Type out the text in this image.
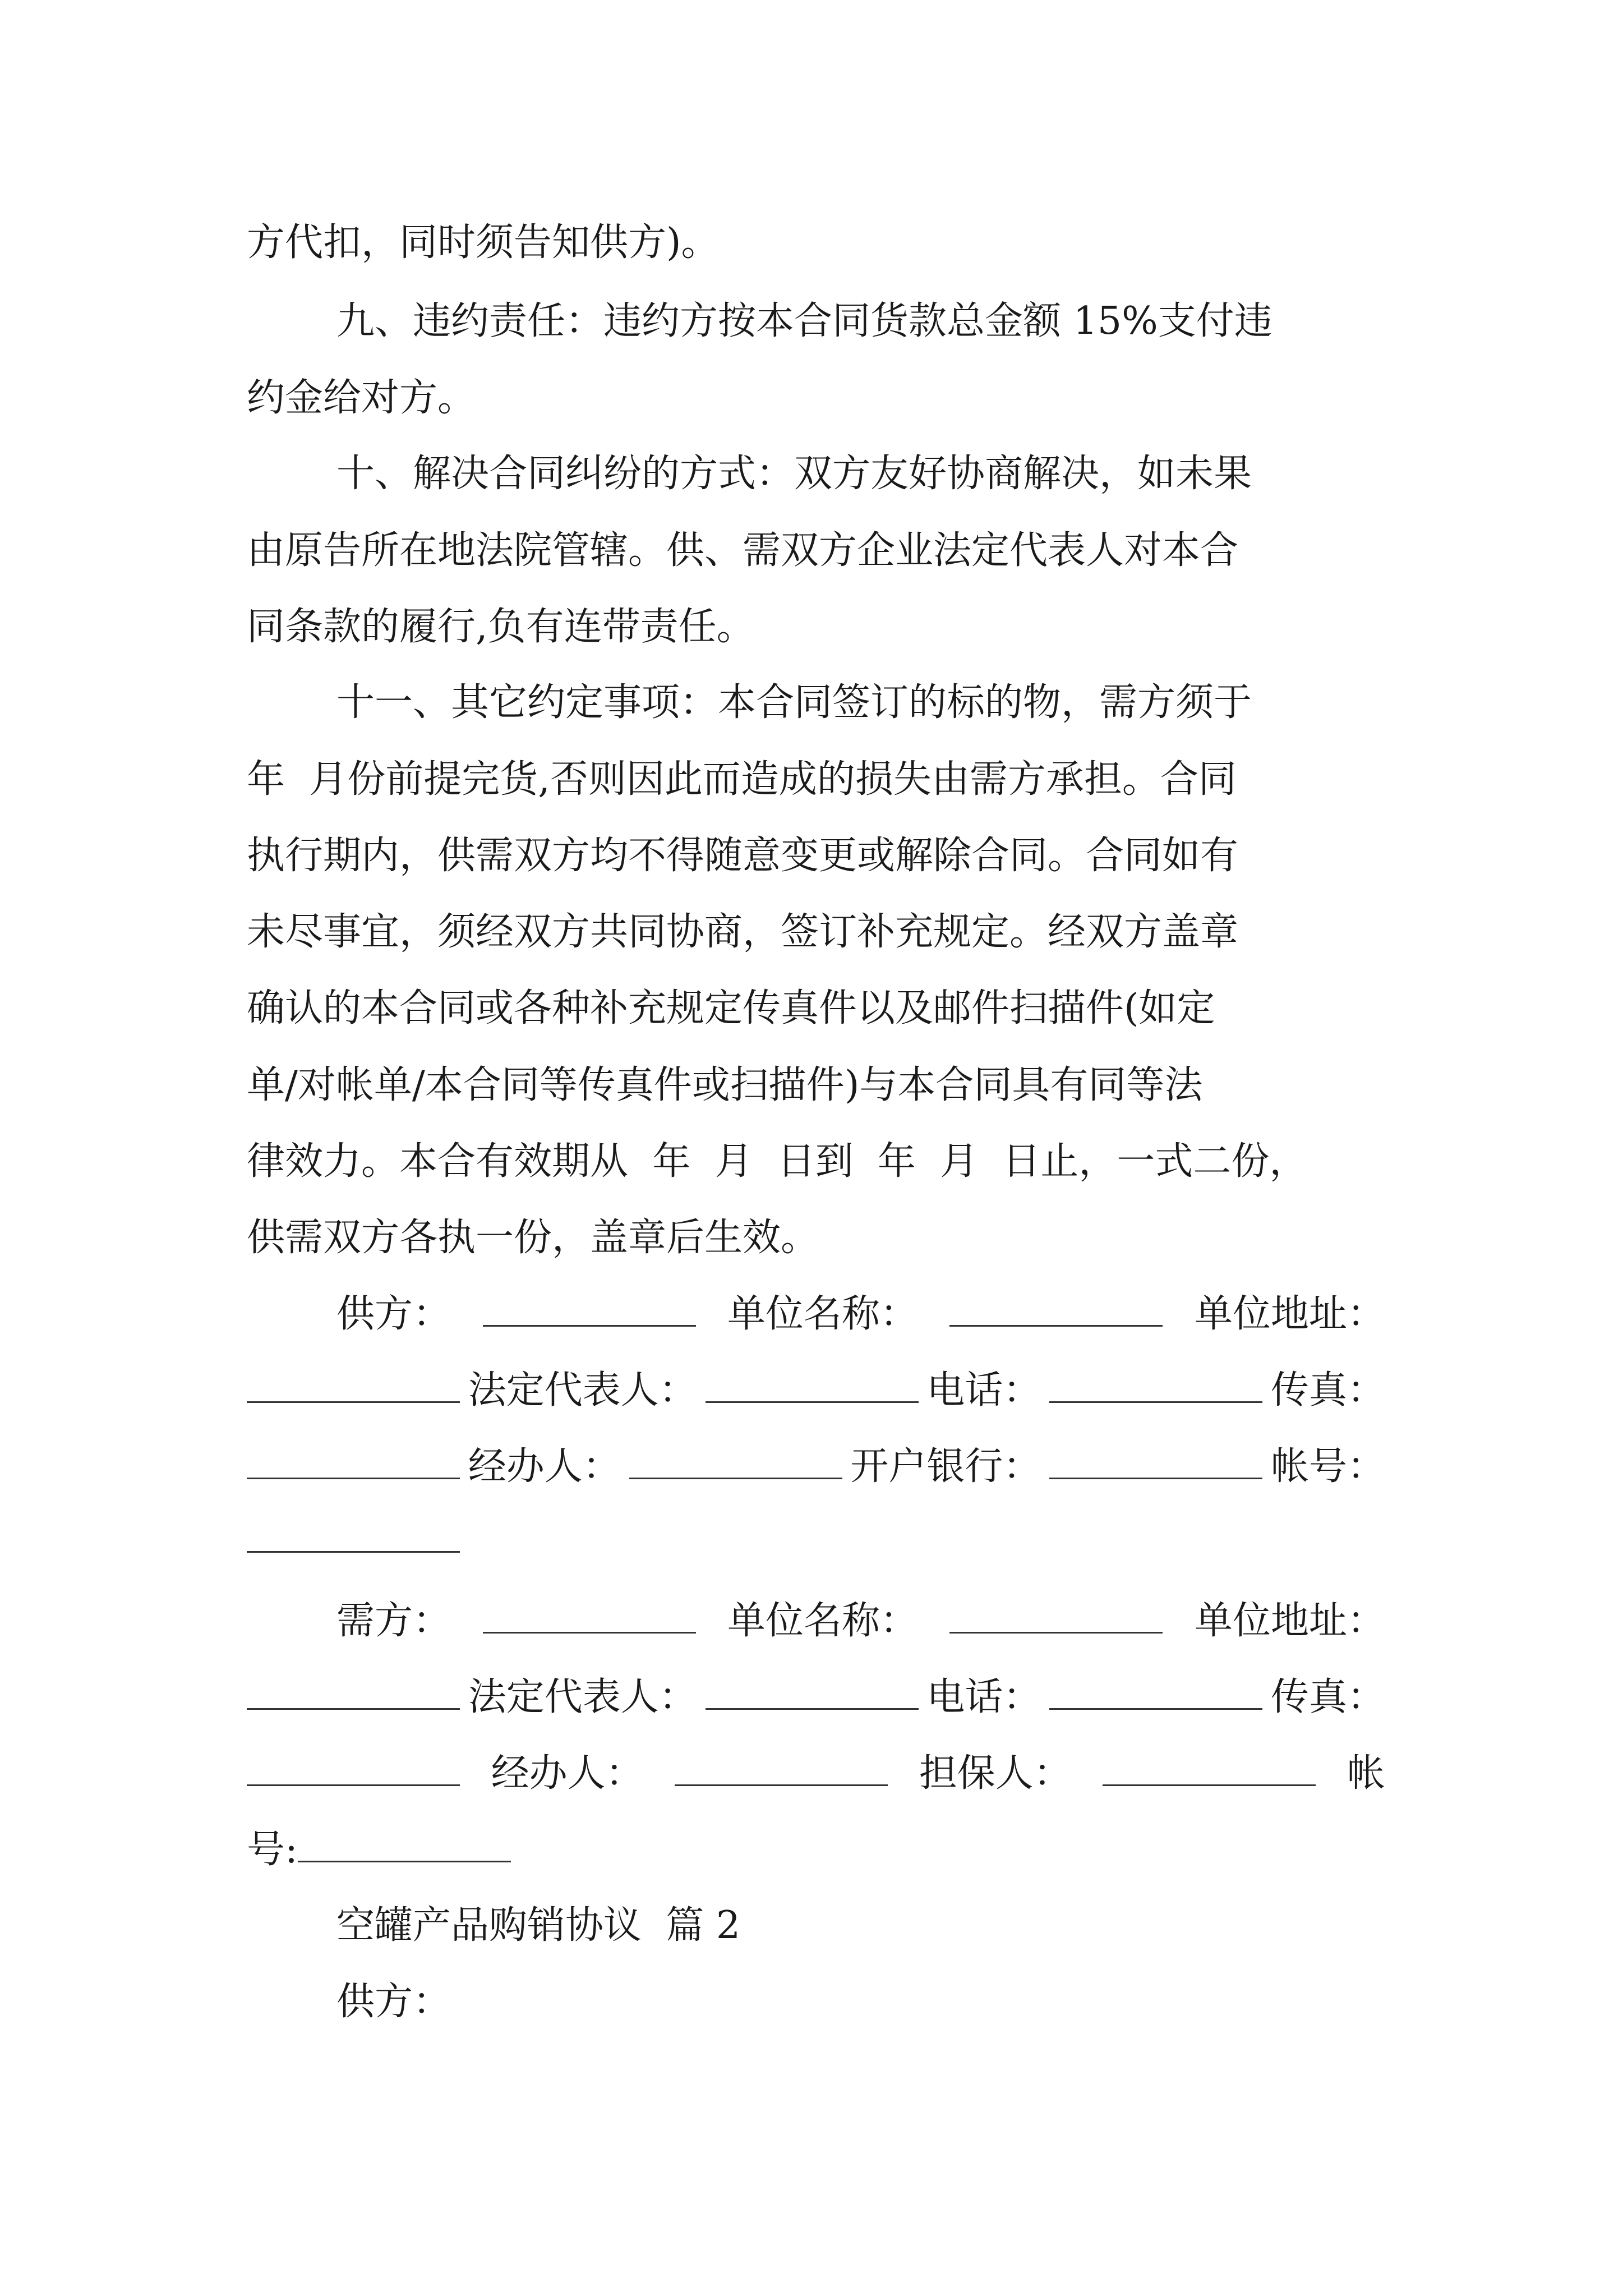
方代扣，同时须告知供方)。
九、违约责任：违约方按本合同货款总金额 15%支付违
约金给对方。
十、解决合同纠纷的方式：双方友好协商解决，如未果
由原告所在地法院管辖。供、需双方企业法定代表人对本合
同条款的履行,负有连带责任。
十一、其它约定事项：本合同签订的标的物，需方须于
年  月份前提完货,否则因此而造成的损失由需方承担。合同
执行期内，供需双方均不得随意变更或解除合同。合同如有
未尽事宜，须经双方共同协商，签订补充规定。经双方盖章
确认的本合同或各种补充规定传真件以及邮件扫描件(如定
单/对帐单/本合同等传真件或扫描件)与本合同具有同等法
律效力。本合有效期从  年  月  日到  年  月  日止，一式二份，
供需双方各执一份，盖章后生效。
供方：	单位名称：	单位地址：
法定代表人：	电话：	传真：
经办人：	开户银行：	帐号：
需方：	单位名称：	单位地址：
法定代表人：	电话：	传真：
经办人：	担保人：	帐
号:
空罐产品购销协议  篇 2
供方：
